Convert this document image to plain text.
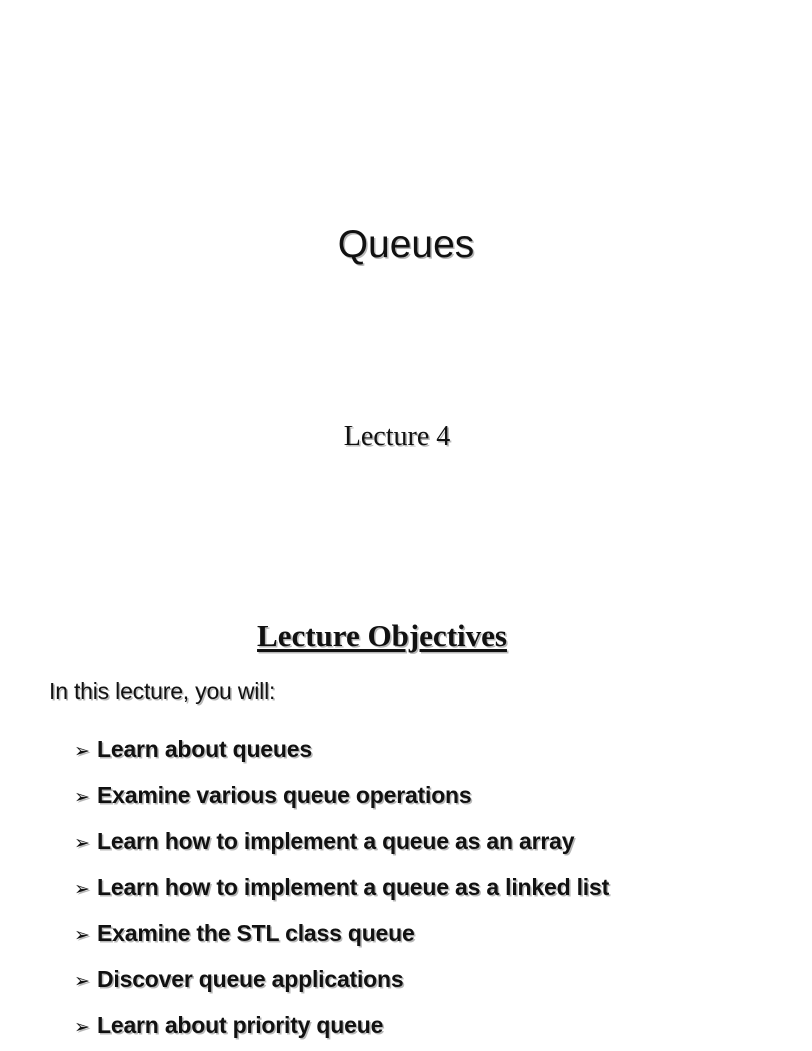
Queues

Lecture 4

Lecture Objectives

In this lecture, you will:

➢ Learn about queues
➢ Examine various queue operations
➢ Learn how to implement a queue as an array
➢ Learn how to implement a queue as a linked list
➢ Examine the STL class queue
➢ Discover queue applications
➢ Learn about priority queue
